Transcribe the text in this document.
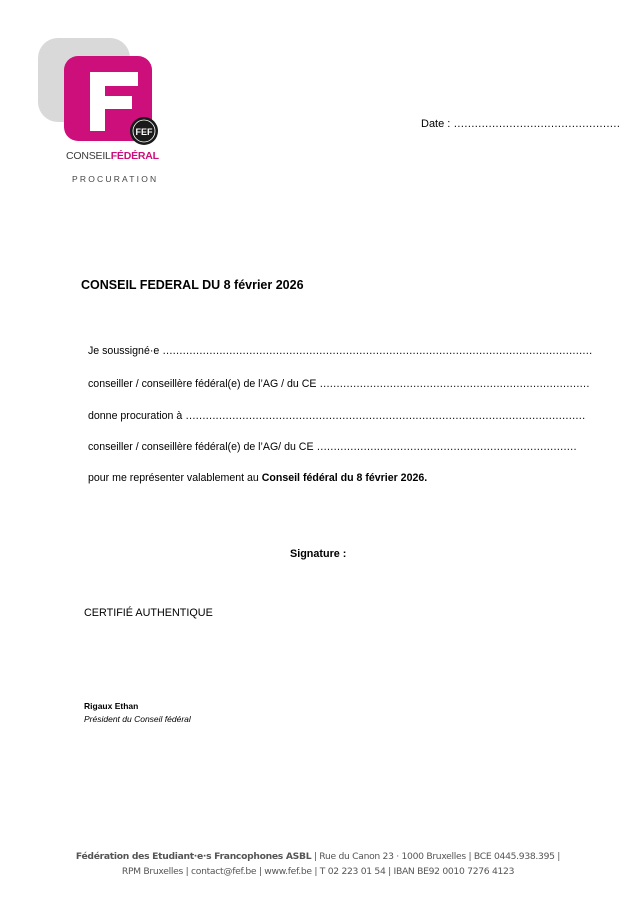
FEF
CONSEILFÉDÉRAL
PROCURATION
Date : …………………………………………
CONSEIL FEDERAL DU 8 février 2026
Je soussigné·e …………………………………………………………………………………………………………………
conseiller / conseillère fédéral(e) de l’AG / du CE ………………………………………………………………………
donne procuration à …………………………………………………………………………………………………………
conseiller / conseillère fédéral(e) de l’AG/ du CE ……………………………………………………………………
pour me représenter valablement au Conseil fédéral du 8 février 2026.
Signature :
CERTIFIÉ AUTHENTIQUE
Rigaux Ethan
Président du Conseil fédéral
Fédération des Etudiant·e·s Francophones ASBL | Rue du Canon 23 · 1000 Bruxelles | BCE 0445.938.395 |
RPM Bruxelles | contact@fef.be | www.fef.be | T 02 223 01 54 | IBAN BE92 0010 7276 4123
